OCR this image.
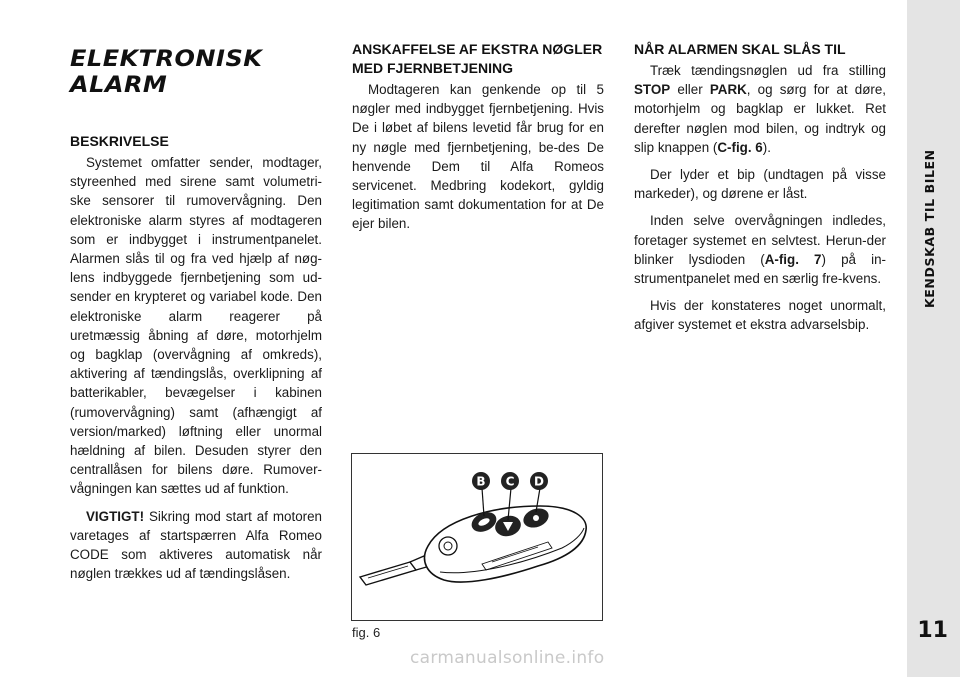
ELEKTRONISK ALARM
BESKRIVELSE

Systemet omfatter sender, modtager, styreenhed med sirene samt volumetri-ske sensorer til rumovervågning. Den elektroniske alarm styres af modtageren som er indbygget i instrumentpanelet. Alarmen slås til og fra ved hjælp af nøg-lens indbyggede fjernbetjening som ud-sender en krypteret og variabel kode. Den elektroniske alarm reagerer på uretmæssig åbning af døre, motorhjelm og bagklap (overvågning af omkreds), aktivering af tændingslås, overklipning af batterikabler, bevægelser i kabinen (rumovervågning) samt (afhængigt af version/marked) løftning eller unormal hældning af bilen. Desuden styrer den centrallåsen for bilens døre. Rumover-vågningen kan sættes ud af funktion.

VIGTIGT! Sikring mod start af motoren varetages af startspærren Alfa Romeo CODE som aktiveres automatisk når nøglen trækkes ud af tændingslåsen.

ANSKAFFELSE AF EKSTRA NØGLER MED FJERNBETJENING

Modtageren kan genkende op til 5 nøgler med indbygget fjernbetjening. Hvis De i løbet af bilens levetid får brug for en ny nøgle med fjernbetjening, be-des De henvende Dem til Alfa Romeos servicenet. Medbring kodekort, gyldig legitimation samt dokumentation for at De ejer bilen.

NÅR ALARMEN SKAL SLÅS TIL

Træk tændingsnøglen ud fra stilling STOP eller PARK, og sørg for at døre, motorhjelm og bagklap er lukket. Ret derefter nøglen mod bilen, og indtryk og slip knappen (C-fig. 6).

Der lyder et bip (undtagen på visse markeder), og dørene er låst.

Inden selve overvågningen indledes, foretager systemet en selvtest. Herun-der blinker lysdioden (A-fig. 7) på in-strumentpanelet med en særlig fre-kvens.

Hvis der konstateres noget unormalt, afgiver systemet et ekstra advarselsbip.

B C D
fig. 6
KENDSKAB TIL BILEN
11
carmanualsonline.info
